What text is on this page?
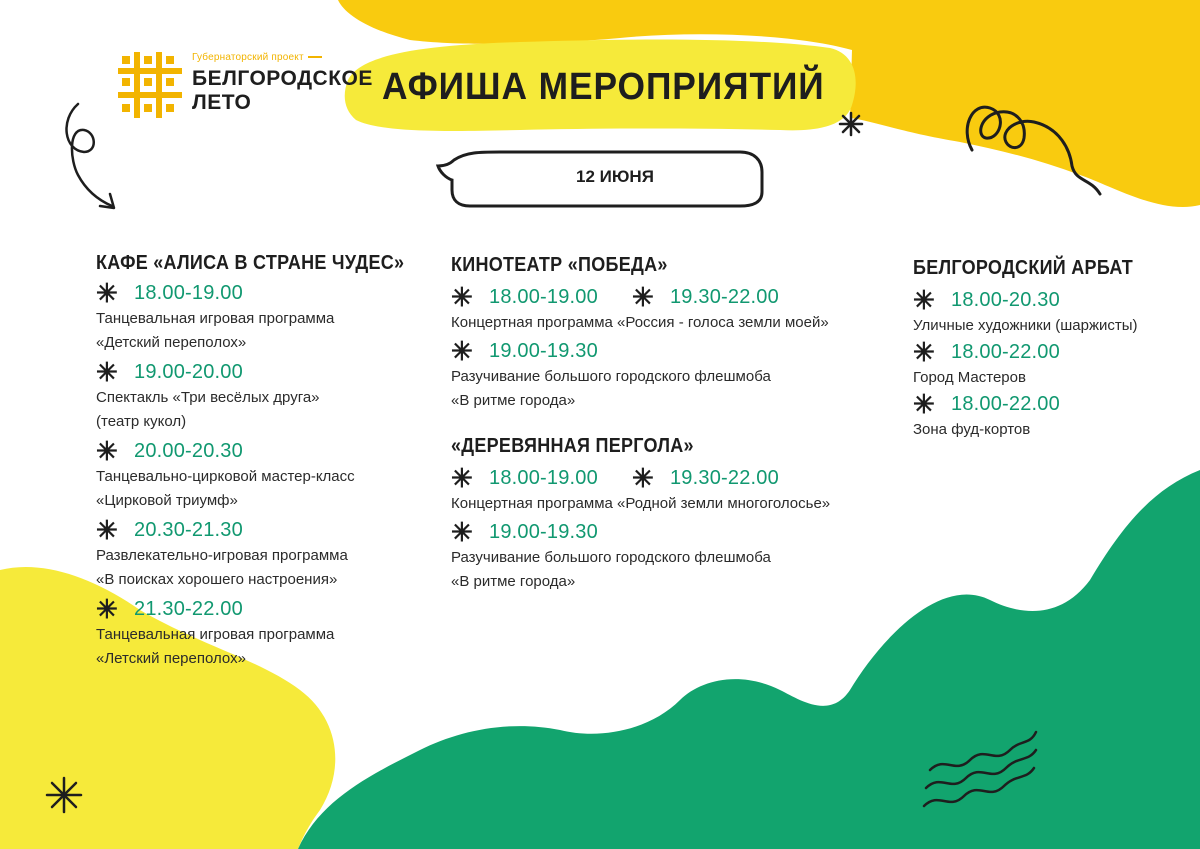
Губернаторский проект
БЕЛГОРОДСКОЕ
ЛЕТО	АФИША МЕРОПРИЯТИЙ
12 ИЮНЯ
КАФЕ «АЛИСА В СТРАНЕ ЧУДЕС»
✳ 18.00-19.00
Танцевальная игровая программа
«Детский переполох»
✳ 19.00-20.00
Спектакль «Три весёлых друга»
(театр кукол)
✳ 20.00-20.30
Танцевально-цирковой мастер-класс
«Цирковой триумф»
✳ 20.30-21.30
Развлекательно-игровая программа
«В поисках хорошего настроения»
✳ 21.30-22.00
Танцевальная игровая программа
«Летский переполох»
КИНОТЕАТР «ПОБЕДА»
✳ 18.00-19.00 ✳ 19.30-22.00
Концертная программа «Россия - голоса земли моей»
✳ 19.00-19.30
Разучивание большого городского флешмоба
«В ритме города»
«ДЕРЕВЯННАЯ ПЕРГОЛА»
✳ 18.00-19.00 ✳ 19.30-22.00
Концертная программа «Родной земли многоголосье»
✳ 19.00-19.30
Разучивание большого городского флешмоба
«В ритме города»
БЕЛГОРОДСКИЙ АРБАТ
✳ 18.00-20.30
Уличные художники (шаржисты)
✳ 18.00-22.00
Город Мастеров
✳ 18.00-22.00
Зона фуд-кортов
